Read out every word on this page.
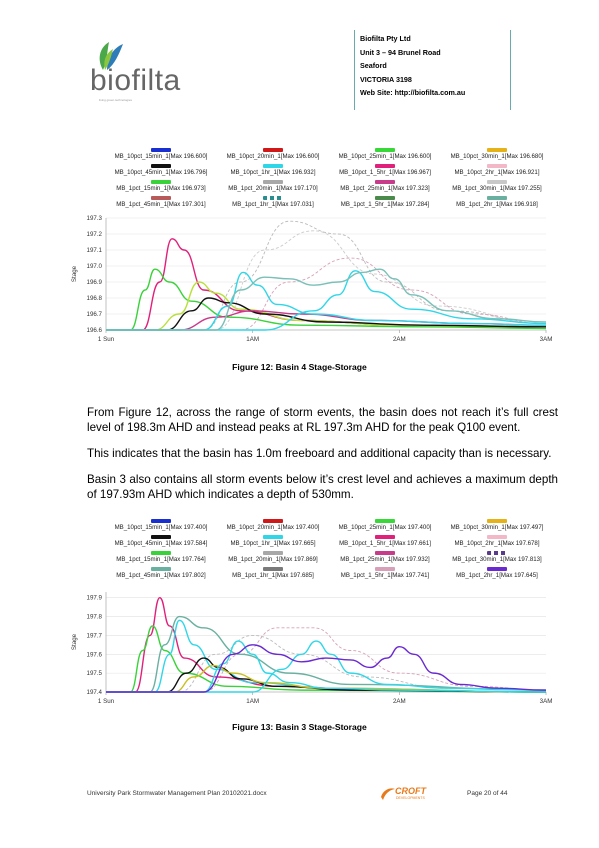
biofilta
living green technologies
Biofilta Pty Ltd
Unit 3 – 94 Brunel Road
Seaford
VICTORIA 3198
Web Site: http://biofilta.com.au
MB_10pct_15min_1[Max 196.600]	MB_10pct_20min_1[Max 196.600]	MB_10pct_25min_1[Max 196.600]	MB_10pct_30min_1[Max 196.680]
MB_10pct_45min_1[Max 196.796]	MB_10pct_1hr_1[Max 196.932]	MB_10pct_1_5hr_1[Max 196.967]	MB_10pct_2hr_1[Max 196.921]
MB_1pct_15min_1[Max 196.973]	MB_1pct_20min_1[Max 197.170]	MB_1pct_25min_1[Max 197.323]	MB_1pct_30min_1[Max 197.255]
MB_1pct_45min_1[Max 197.301]	MB_1pct_1hr_1[Max 197.031]	MB_1pct_1_5hr_1[Max 197.284]	MB_1pct_2hr_1[Max 196.918]
196.6
196.7
196.8
196.9
197.0
197.1
197.2
197.3
1 Sun	1AM	2AM	3AM
Stage
Figure 12: Basin 4 Stage-Storage
From Figure 12, across the range of storm events, the basin does not reach it’s full crest level of 198.3m AHD and instead peaks at RL 197.3m AHD for the peak Q100 event.
This indicates that the basin has 1.0m freeboard and additional capacity than is necessary.
Basin 3 also contains all storm events below it’s crest level and achieves a maximum depth of 197.93m AHD which indicates a depth of 530mm.
MB_10pct_15min_1[Max 197.400]	MB_10pct_20min_1[Max 197.400]	MB_10pct_25min_1[Max 197.400]	MB_10pct_30min_1[Max 197.497]
MB_10pct_45min_1[Max 197.584]	MB_10pct_1hr_1[Max 197.665]	MB_10pct_1_5hr_1[Max 197.661]	MB_10pct_2hr_1[Max 197.678]
MB_1pct_15min_1[Max 197.764]	MB_1pct_20min_1[Max 197.869]	MB_1pct_25min_1[Max 197.932]	MB_1pct_30min_1[Max 197.813]
MB_1pct_45min_1[Max 197.802]	MB_1pct_1hr_1[Max 197.685]	MB_1pct_1_5hr_1[Max 197.741]	MB_1pct_2hr_1[Max 197.645]
197.4
197.5
197.6
197.7
197.8
197.9
1 Sun	1AM	2AM	3AM
Stage
Figure 13: Basin 3 Stage-Storage
University Park Stormwater Management Plan 20102021.docx	CROFT
DEVELOPMENTS
Page 20 of 44
